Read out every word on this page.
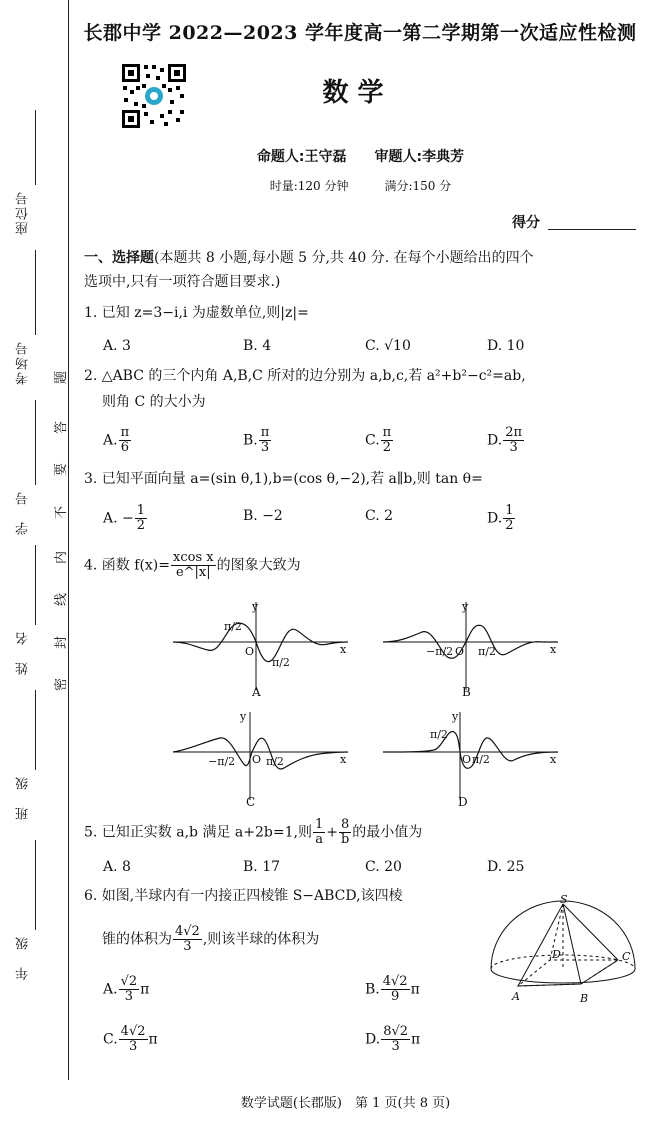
座位号
考场号
学　号
姓　名
班　级
年　级
题
答
要
不
内
线
封
密
长郡中学 2022—2023 学年度高一第二学期第一次适应性检测
数 学
命题人:王守磊　　审题人:李典芳
时量:120 分钟　　　满分:150 分
得分
一、选择题(本题共 8 小题,每小题 5 分,共 40 分. 在每个小题给出的四个
选项中,只有一项符合题目要求.)
1. 已知 z=3−i,i 为虚数单位,则|z|=
A. 3	B. 4	C. √10	D. 10
2. △ABC 的三个内角 A,B,C 所对的边分别为 a,b,c,若 a²+b²−c²=ab,
则角 C 的大小为
A. $\frac{\pi}{6}$	B. $\frac{\pi}{3}$	C. $\frac{\pi}{2}$	D. $\frac{2\pi}{3}$
3. 已知平面向量 a=(sin θ,1),b=(cos θ,−2),若 a∥b,则 tan θ=
A. − $\frac{1}{2}$	B. −2	C. 2	D. $\frac{1}{2}$
4. 函数 $f(x)= \frac{\text{xcos x}}{e\^{}|x|}$ 的图象大致为
y
x
O
π/2
π/2
A
y
x
O
−π/2 π/2
B
y
x
O
−π/2	π/2
C
y
x
O
π/2
π/2
D
5. 已知正实数 a,b 满足 a+2b=1,则 $\frac{1}{a} + \frac{8}{b}$ 的最小值为
A. 8	B. 17	C. 20	D. 25
6. 如图,半球内有一内接正四棱锥 S−ABCD,该四棱
锥的体积为 $\frac{4√2}{3}$ ,则该半球的体积为
A. $\frac{√2}{3}$ π	B. $\frac{4√2}{9}$ π
C. $\frac{4√2}{3}$ π	D. $\frac{8√2}{3}$ π
S
D	C
A	B
数学试题(长郡版)　第 1 页(共 8 页)
